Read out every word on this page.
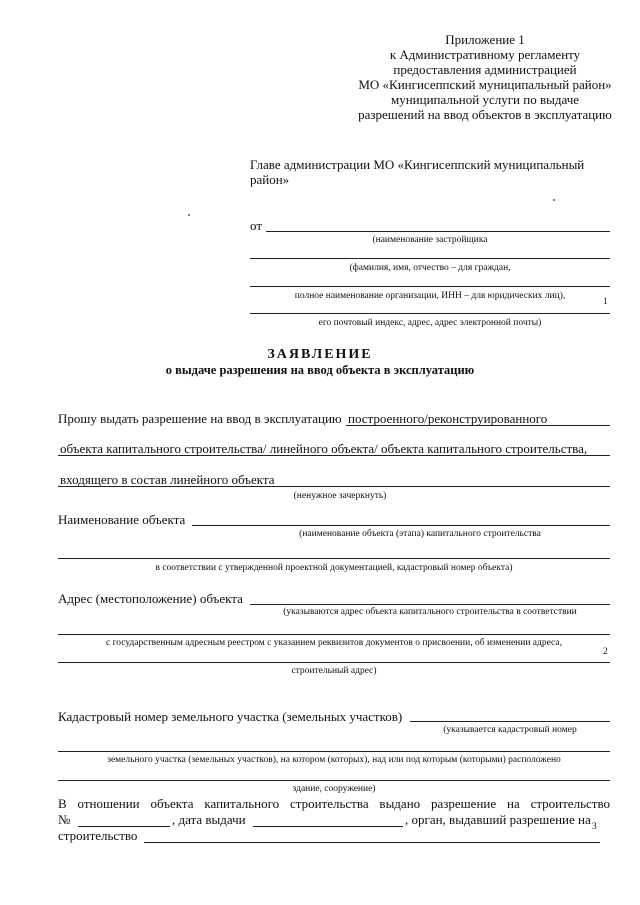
Приложение 1
к Административному регламенту
предоставления администрацией
МО «Кингисеппский муниципальный район»
муниципальной услуги по выдаче
разрешений на ввод объектов в эксплуатацию
Главе администрации МО «Кингисеппский муниципальный
район»
от
(наименование застройщика
(фамилия, имя, отчество – для граждан,
полное наименование организации, ИНН – для юридических лиц),
1
его почтовый индекс, адрес, адрес электронной почты)
ЗАЯВЛЕНИЕ
о выдаче разрешения на ввод объекта в эксплуатацию
Прошу выдать разрешение на ввод в эксплуатацию построенного/реконструированного
объекта капитального строительства/ линейного объекта/ объекта капитального строительства,
входящего в состав линейного объекта
(ненужное зачеркнуть)
Наименование объекта
(наименование объекта (этапа) капитального строительства
в соответствии с утвержденной проектной документацией, кадастровый номер объекта)
Адрес (местоположение) объекта
(указываются адрес объекта капитального строительства в соответствии
с государственным адресным реестром с указанием реквизитов документов о присвоении, об изменении адреса,
2
строительный адрес)
Кадастровый номер земельного участка (земельных участков)
(указывается кадастровый номер
земельного участка (земельных участков), на котором (которых), над или под которым (которыми) расположено
здание, сооружение)
В отношении объекта капитального строительства выдано разрешение на строительство
№	, дата выдачи	, орган, выдавший разрешение на 3
строительство
